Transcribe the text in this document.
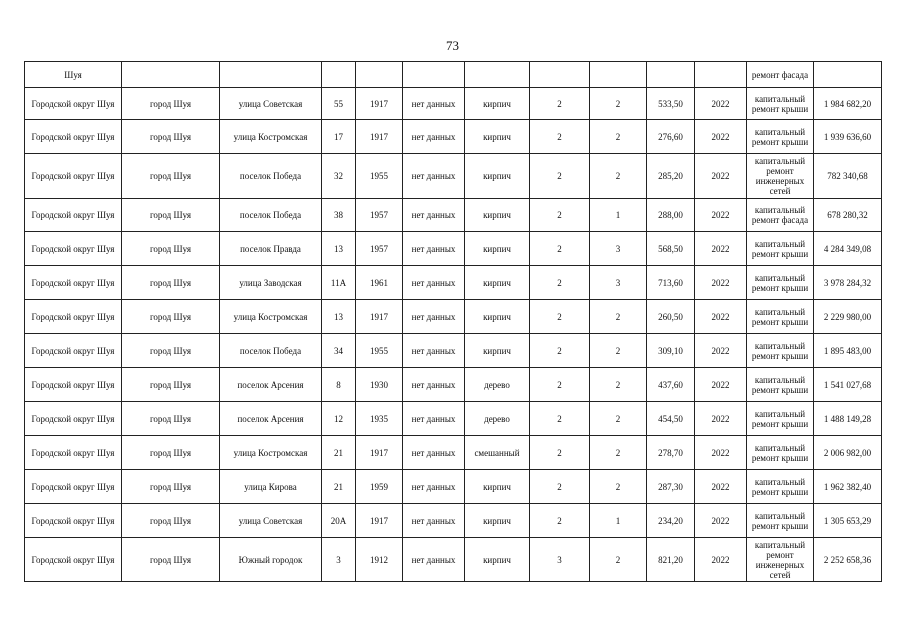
73
Шуя											ремонт фасада	
Городской округ Шуя	город Шуя	улица Советская	55	1917	нет данных	кирпич	2	2	533,50	2022	капитальный ремонт крыши	1 984 682,20
Городской округ Шуя	город Шуя	улица Костромская	17	1917	нет данных	кирпич	2	2	276,60	2022	капитальный ремонт крыши	1 939 636,60
Городской округ Шуя	город Шуя	поселок Победа	32	1955	нет данных	кирпич	2	2	285,20	2022	капитальный ремонт инженерных сетей	782 340,68
Городской округ Шуя	город Шуя	поселок Победа	38	1957	нет данных	кирпич	2	1	288,00	2022	капитальный ремонт фасада	678 280,32
Городской округ Шуя	город Шуя	поселок Правда	13	1957	нет данных	кирпич	2	3	568,50	2022	капитальный ремонт крыши	4 284 349,08
Городской округ Шуя	город Шуя	улица Заводская	11А	1961	нет данных	кирпич	2	3	713,60	2022	капитальный ремонт крыши	3 978 284,32
Городской округ Шуя	город Шуя	улица Костромская	13	1917	нет данных	кирпич	2	2	260,50	2022	капитальный ремонт крыши	2 229 980,00
Городской округ Шуя	город Шуя	поселок Победа	34	1955	нет данных	кирпич	2	2	309,10	2022	капитальный ремонт крыши	1 895 483,00
Городской округ Шуя	город Шуя	поселок Арсения	8	1930	нет данных	дерево	2	2	437,60	2022	капитальный ремонт крыши	1 541 027,68
Городской округ Шуя	город Шуя	поселок Арсения	12	1935	нет данных	дерево	2	2	454,50	2022	капитальный ремонт крыши	1 488 149,28
Городской округ Шуя	город Шуя	улица Костромская	21	1917	нет данных	смешанный	2	2	278,70	2022	капитальный ремонт крыши	2 006 982,00
Городской округ Шуя	город Шуя	улица Кирова	21	1959	нет данных	кирпич	2	2	287,30	2022	капитальный ремонт крыши	1 962 382,40
Городской округ Шуя	город Шуя	улица Советская	20А	1917	нет данных	кирпич	2	1	234,20	2022	капитальный ремонт крыши	1 305 653,29
Городской округ Шуя	город Шуя	Южный городок	3	1912	нет данных	кирпич	3	2	821,20	2022	капитальный ремонт инженерных сетей	2 252 658,36
